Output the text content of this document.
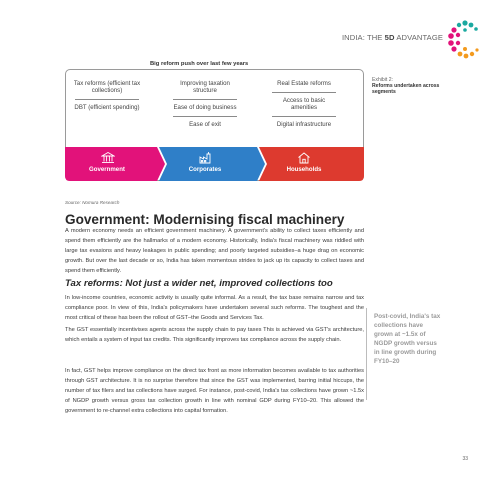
INDIA: THE 5D ADVANTAGE
Big reform push over last few years
Tax reforms (efficient tax collections)
DBT (efficient spending)
Improving taxation structure
Ease of doing business
Ease of exit
Real Estate reforms
Access to basic amenities
Digital infrastructure
Government	Corporates	Households
Exhibit 2:
Reforms undertaken across segments
Source: Nomura Research
Government: Modernising fiscal machinery
A modern economy needs an efficient government machinery. A government's ability to collect taxes efficiently and spend them efficiently are the hallmarks of a modern economy. Historically, India's fiscal machinery was riddled with large tax evasions and heavy leakages in public spending; and poorly targeted subsidies–a huge drag on economic growth. But over the last decade or so, India has taken momentous strides to jack up its capacity to collect taxes and spend them efficiently.
Tax reforms: Not just a wider net, improved collections too
In low-income countries, economic activity is usually quite informal. As a result, the tax base remains narrow and tax compliance poor. In view of this, India's policymakers have undertaken several such reforms. The toughest and the most critical of these has been the rollout of GST–the Goods and Services Tax.
The GST essentially incentivises agents across the supply chain to pay taxes This is achieved via GST's architecture, which entails a system of input tax credits. This significantly improves tax compliance across the supply chain.
In fact, GST helps improve compliance on the direct tax front as more information becomes available to tax authorities through GST architecture. It is no surprise therefore that since the GST was implemented, barring initial hiccups, the number of tax filers and tax collections have surged. For instance, post-covid, India's tax collections have grown ~1.5x of NGDP growth versus gross tax collection growth in line with nominal GDP during FY10–20. This allowed the government to re-channel extra collections into capital formation.
Post-covid, India's tax collections have grown at ~1.5x of NGDP growth versus in line growth during FY10–20
33
